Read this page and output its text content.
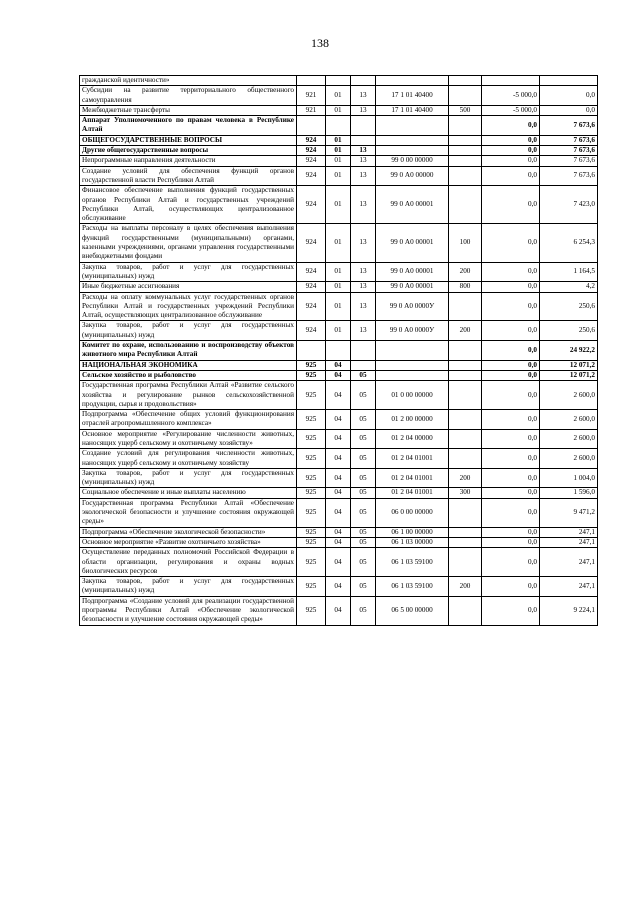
138
гражданской идентичности»							
Субсидии на развитие территориального общественного самоуправления	921	01	13	17 1 01 40400		-5 000,0	0,0
Межбюджетные трансферты	921	01	13	17 1 01 40400	500	-5 000,0	0,0
Аппарат Уполномоченного по правам человека в Республике Алтай						0,0	7 673,6
ОБЩЕГОСУДАРСТВЕННЫЕ ВОПРОСЫ	924	01				0,0	7 673,6
Другие общегосударственные вопросы	924	01	13			0,0	7 673,6
Непрограммные направления деятельности	924	01	13	99 0 00 00000		0,0	7 673,6
Создание условий для обеспечения функций органов государственной власти Республики Алтай	924	01	13	99 0 А0 00000		0,0	7 673,6
Финансовое обеспечение выполнения функций государственных органов Республики Алтай и государственных учреждений Республики Алтай, осуществляющих централизованное обслуживание	924	01	13	99 0 А0 00001		0,0	7 423,0
Расходы на выплаты персоналу в целях обеспечения выполнения функций государственными (муниципальными) органами, казенными учреждениями, органами управления государственными внебюджетными фондами	924	01	13	99 0 А0 00001	100	0,0	6 254,3
Закупка товаров, работ и услуг для государственных (муниципальных) нужд	924	01	13	99 0 А0 00001	200	0,0	1 164,5
Иные бюджетные ассигнования	924	01	13	99 0 А0 00001	800	0,0	4,2
Расходы на оплату коммунальных услуг государственных органов Республики Алтай и государственных учреждений Республики Алтай, осуществляющих централизованное обслуживание	924	01	13	99 0 А0 0000У		0,0	250,6
Закупка товаров, работ и услуг для государственных (муниципальных) нужд	924	01	13	99 0 А0 0000У	200	0,0	250,6
Комитет по охране, использованию и воспроизводству объектов животного мира Республики Алтай						0,0	24 922,2
НАЦИОНАЛЬНАЯ ЭКОНОМИКА	925	04				0,0	12 071,2
Сельское хозяйство и рыболовство	925	04	05			0,0	12 071,2
Государственная программа Республики Алтай «Развитие сельского хозяйства и регулирование рынков сельскохозяйственной продукции, сырья и продовольствия»	925	04	05	01 0 00 00000		0,0	2 600,0
Подпрограмма «Обеспечение общих условий функционирования отраслей агропромышленного комплекса»	925	04	05	01 2 00 00000		0,0	2 600,0
Основное мероприятие «Регулирование численности животных, наносящих ущерб сельскому и охотничьему хозяйству»	925	04	05	01 2 04 00000		0,0	2 600,0
Создание условий для регулирования численности животных, наносящих ущерб сельскому и охотничьему хозяйству	925	04	05	01 2 04 01001		0,0	2 600,0
Закупка товаров, работ и услуг для государственных (муниципальных) нужд	925	04	05	01 2 04 01001	200	0,0	1 004,0
Социальное обеспечение и иные выплаты населению	925	04	05	01 2 04 01001	300	0,0	1 596,0
Государственная программа Республики Алтай «Обеспечение экологической безопасности и улучшение состояния окружающей среды»	925	04	05	06 0 00 00000		0,0	9 471,2
Подпрограмма «Обеспечение экологической безопасности»	925	04	05	06 1 00 00000		0,0	247,1
Основное мероприятие «Развитие охотничьего хозяйства»	925	04	05	06 1 03 00000		0,0	247,1
Осуществление переданных полномочий Российской Федерации в области организации, регулирования и охраны водных биологических ресурсов	925	04	05	06 1 03 59100		0,0	247,1
Закупка товаров, работ и услуг для государственных (муниципальных) нужд	925	04	05	06 1 03 59100	200	0,0	247,1
Подпрограмма «Создание условий для реализации государственной программы Республики Алтай «Обеспечение экологической безопасности и улучшение состояния окружающей среды»	925	04	05	06 5 00 00000		0,0	9 224,1
